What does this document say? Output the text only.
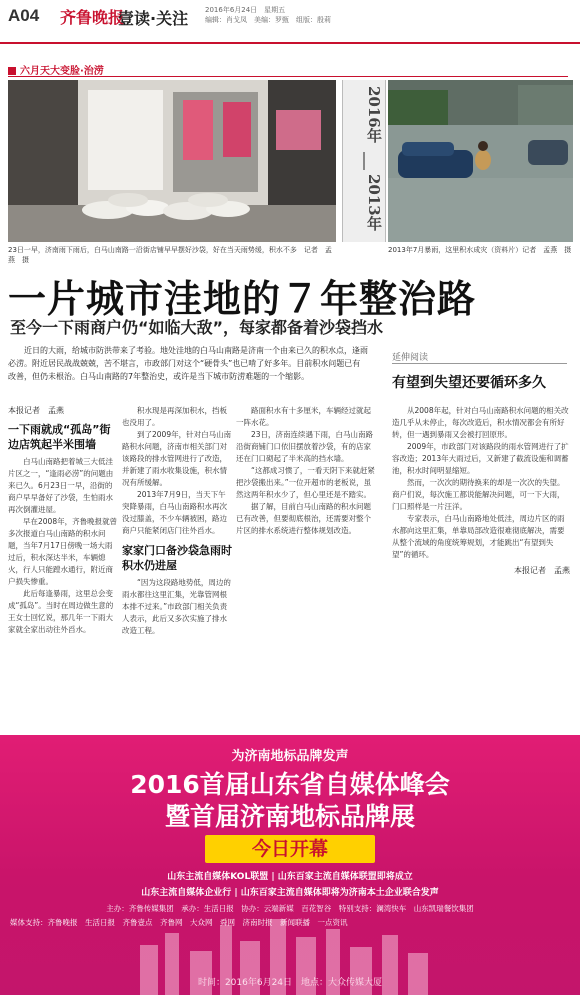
A04 齐鲁晚报
壹读·关注 2016年6月24日　星期五
编辑：肖戈凤　美编：罗甄　组版：殷莉
六月天大变脸·治涝
2016年
2013年
23日一早，济南雨下雨后，白马山南路一沿街店铺早早摆好沙袋，好在当天雨势缓，积水不多　记者　孟燕　摄
2013年7月暴雨，这里积水成灾（资料片）记者　孟燕　摄
一片城市洼地的７年整治路
至今一下雨商户仍“如临大敌”，每家都备着沙袋挡水
近日的大雨，给城市防洪带来了考验。地处洼地的白马山南路是济南一个由来已久的积水点，逢雨必涝。附近居民战战兢兢，苦不堪言，市政部门对这个“硬骨头”也已啃了好多年。目前积水问题已有改善，但仍未根治。白马山南路的7年整治史，或许是当下城市防涝难题的一个缩影。
本报记者　孟燕
一下雨就成“孤岛”街边店筑起半米围墙
白马山南路把着城三大低洼片区之一，“逢雨必涝”的问题由来已久。6月23日一早，沿街的商户早早备好了沙袋，生怕雨水再次倒灌进屋。
早在2008年，齐鲁晚报就曾多次报道白马山南路的积水问题，当年7月17日傍晚一场大雨过后，积水深达半米，车辆熄火，行人只能蹚水通行，附近商户损失惨重。
此后每逢暴雨，这里总会变成“孤岛”。当时在周边做生意的王女士回忆说，那几年一下雨大家就全家出动往外舀水。
积水现是再深加积水，挡板也没用了。
到了2009年，针对白马山南路积水问题，济南市相关部门对该路段的排水管网进行了改造，并新建了雨水收集设施，积水情况有所缓解。
2013年7月9日，当天下午突降暴雨，白马山南路积水再次没过膝盖，不少车辆被困，路边商户只能紧闭店门往外舀水。
家家门口备沙袋急雨时积水仍进屋
“因为这段路地势低，周边的雨水都往这里汇集，光靠管网根本排不过来。”市政部门相关负责人表示，此后又多次实施了排水改造工程。
路面积水有十多厘米，车辆经过就起一阵水花。
23日，济南连续遇下雨，白马山南路沿街商铺门口依旧摆放着沙袋，有的店家还在门口砌起了半米高的挡水墙。
“这都成习惯了，一看天阴下来就赶紧把沙袋搬出来。”一位开超市的老板说，虽然这两年积水少了，但心里还是不踏实。
据了解，目前白马山南路的积水问题已有改善，但要彻底根治，还需要对整个片区的排水系统进行整体规划改造。
延伸阅读
有望到失望还要循环多久
从2008年起，针对白马山南路积水问题的相关改造几乎从未停止，每次改造后，积水情况都会有所好转，但一遇到暴雨又会被打回原形。
2009年，市政部门对该路段的雨水管网进行了扩容改造；2013年大雨过后，又新建了截流设施和调蓄池，积水时间明显缩短。
然而，一次次的期待换来的却是一次次的失望。商户们说，每次施工都说能解决问题，可一下大雨，门口照样是一片汪洋。
专家表示，白马山南路地处低洼，周边片区的雨水都向这里汇集，单靠局部改造很难彻底解决，需要从整个流域的角度统筹规划，才能跳出“有望到失望”的循环。
本报记者　孟燕
为济南地标品牌发声
2016首届山东省自媒体峰会
暨首届济南地标品牌展
今日开幕
山东主流自媒体KOL联盟 | 山东百家主流自媒体联盟即将成立
山东主流自媒体企业行 | 山东百家主流自媒体即将为济南本土企业联合发声
主办：齐鲁传媒集团　承办：生活日报　协办：云端新媒　百花智谷　特别支持：澜湾快车　山东凯瑞餐饮集团
媒体支持：齐鲁晚报　生活日报　齐鲁壹点　齐鲁网　大众网　舜网　济南时报　新闻联播　一点资讯
时间：2016年6月24日　地点：大众传媒大厦
